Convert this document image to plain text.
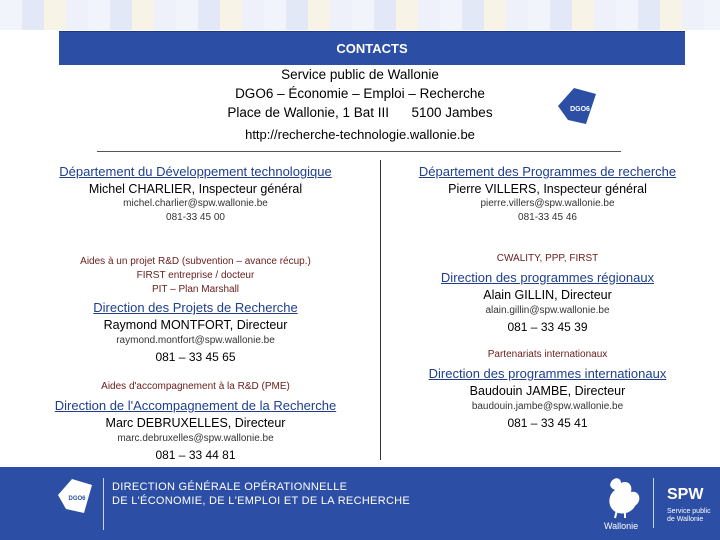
CONTACTS
Service public de Wallonie
DGO6 – Économie – Emploi – Recherche
Place de Wallonie, 1 Bat III      5100 Jambes	DGO6
http://recherche-technologie.wallonie.be
Département du Développement technologique
Michel CHARLIER, Inspecteur général
michel.charlier@spw.wallonie.be
081-33 45 00
Aides à un projet R&D (subvention – avance récup.)
FIRST entreprise / docteur
PIT – Plan Marshall
Direction des Projets de Recherche
Raymond MONTFORT, Directeur
raymond.montfort@spw.wallonie.be
081 – 33 45 65
Aides d'accompagnement à la R&D (PME)
Direction de l'Accompagnement de la Recherche
Marc DEBRUXELLES, Directeur
marc.debruxelles@spw.wallonie.be
081 – 33 44 81
Département des Programmes de recherche
Pierre VILLERS, Inspecteur général
pierre.villers@spw.wallonie.be
081-33 45 46
CWALITY, PPP, FIRST
Direction des programmes régionaux
Alain GILLIN, Directeur
alain.gillin@spw.wallonie.be
081 – 33 45 39
Partenariats internationaux
Direction des programmes internationaux
Baudouin JAMBE, Directeur
baudouin.jambe@spw.wallonie.be
081 – 33 45 41
DGO6
DIRECTION GÉNÉRALE OPÉRATIONNELLE
DE L'ÉCONOMIE, DE L'EMPLOI ET DE LA RECHERCHE
Wallonie
SPW
Service public de Wallonie
